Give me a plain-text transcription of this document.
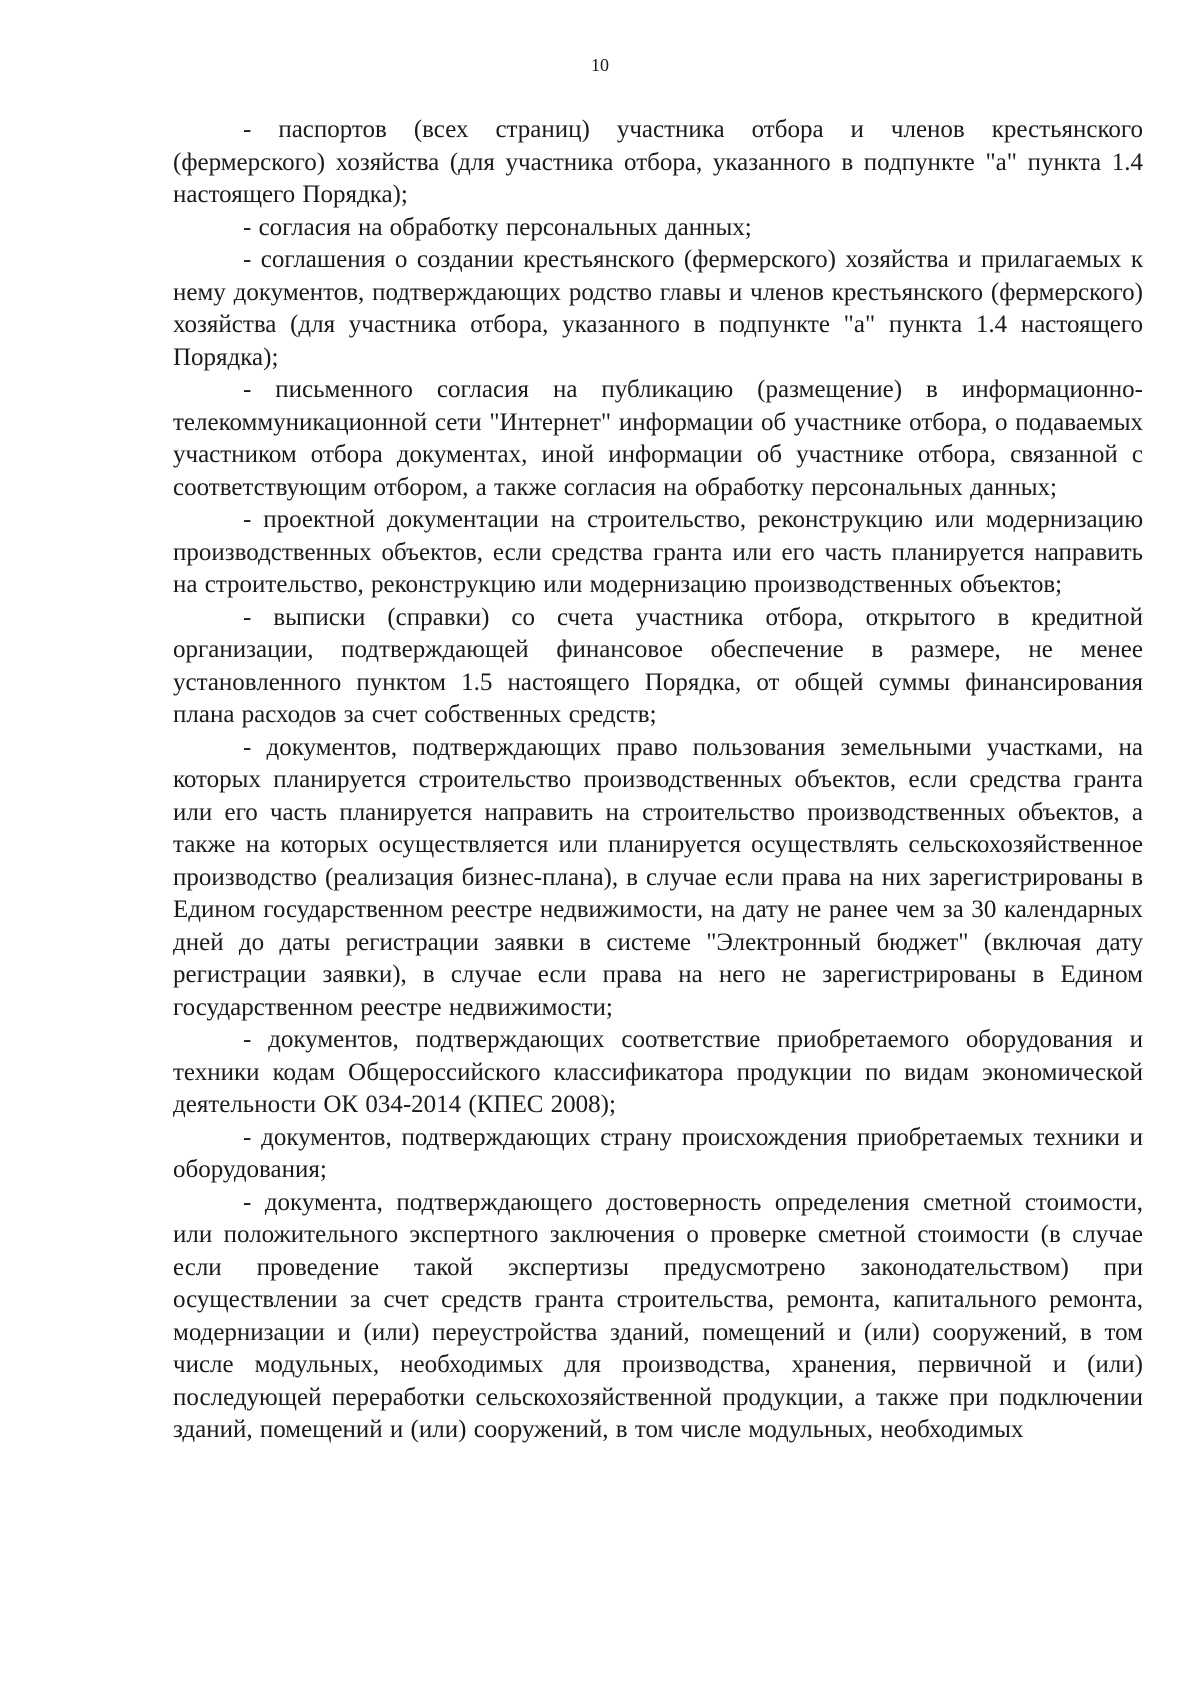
10

- паспортов (всех страниц) участника отбора и членов крестьянского (фермерского) хозяйства (для участника отбора, указанного в подпункте "а" пункта 1.4 настоящего Порядка);

- согласия на обработку персональных данных;

- соглашения о создании крестьянского (фермерского) хозяйства и прилагаемых к нему документов, подтверждающих родство главы и членов крестьянского (фермерского) хозяйства (для участника отбора, указанного в подпункте "а" пункта 1.4 настоящего Порядка);

- письменного согласия на публикацию (размещение) в информационно-телекоммуникационной сети "Интернет" информации об участнике отбора, о подаваемых участником отбора документах, иной информации об участнике отбора, связанной с соответствующим отбором, а также согласия на обработку персональных данных;

- проектной документации на строительство, реконструкцию или модернизацию производственных объектов, если средства гранта или его часть планируется направить на строительство, реконструкцию или модернизацию производственных объектов;

- выписки (справки) со счета участника отбора, открытого в кредитной организации, подтверждающей финансовое обеспечение в размере, не менее установленного пунктом 1.5 настоящего Порядка, от общей суммы финансирования плана расходов за счет собственных средств;

- документов, подтверждающих право пользования земельными участками, на которых планируется строительство производственных объектов, если средства гранта или его часть планируется направить на строительство производственных объектов, а также на которых осуществляется или планируется осуществлять сельскохозяйственное производство (реализация бизнес-плана), в случае если права на них зарегистрированы в Едином государственном реестре недвижимости, на дату не ранее чем за 30 календарных дней до даты регистрации заявки в системе "Электронный бюджет" (включая дату регистрации заявки), в случае если права на него не зарегистрированы в Едином государственном реестре недвижимости;

- документов, подтверждающих соответствие приобретаемого оборудования и техники кодам Общероссийского классификатора продукции по видам экономической деятельности ОК 034-2014 (КПЕС 2008);

- документов, подтверждающих страну происхождения приобретаемых техники и оборудования;

- документа, подтверждающего достоверность определения сметной стоимости, или положительного экспертного заключения о проверке сметной стоимости (в случае если проведение такой экспертизы предусмотрено законодательством) при осуществлении за счет средств гранта строительства, ремонта, капитального ремонта, модернизации и (или) переустройства зданий, помещений и (или) сооружений, в том числе модульных, необходимых для производства, хранения, первичной и (или) последующей переработки сельскохозяйственной продукции, а также при подключении зданий, помещений и (или) сооружений, в том числе модульных, необходимых
